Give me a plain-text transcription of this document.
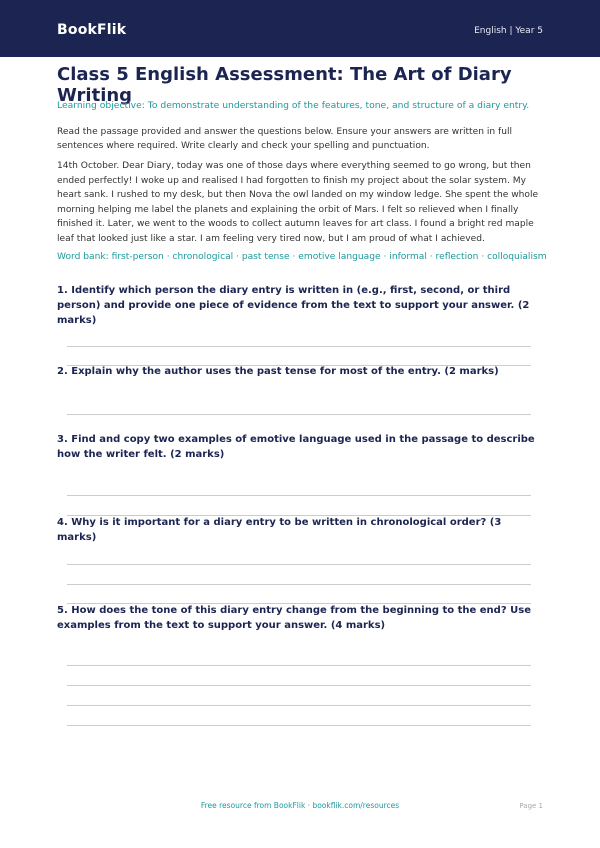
BookFlik	English | Year 5
Class 5 English Assessment: The Art of Diary Writing
Learning objective: To demonstrate understanding of the features, tone, and structure of a diary entry.
Read the passage provided and answer the questions below. Ensure your answers are written in full sentences where required. Write clearly and check your spelling and punctuation.
14th October. Dear Diary, today was one of those days where everything seemed to go wrong, but then ended perfectly! I woke up and realised I had forgotten to finish my project about the solar system. My heart sank. I rushed to my desk, but then Nova the owl landed on my window ledge. She spent the whole morning helping me label the planets and explaining the orbit of Mars. I felt so relieved when I finally finished it. Later, we went to the woods to collect autumn leaves for art class. I found a bright red maple leaf that looked just like a star. I am feeling very tired now, but I am proud of what I achieved.
Word bank: first-person · chronological · past tense · emotive language · informal · reflection · colloquialism
1. Identify which person the diary entry is written in (e.g., first, second, or third person) and provide one piece of evidence from the text to support your answer. (2 marks)
2. Explain why the author uses the past tense for most of the entry. (2 marks)
3. Find and copy two examples of emotive language used in the passage to describe how the writer felt. (2 marks)
4. Why is it important for a diary entry to be written in chronological order? (3 marks)
5. How does the tone of this diary entry change from the beginning to the end? Use examples from the text to support your answer. (4 marks)
Free resource from BookFlik · bookflik.com/resources	Page 1
